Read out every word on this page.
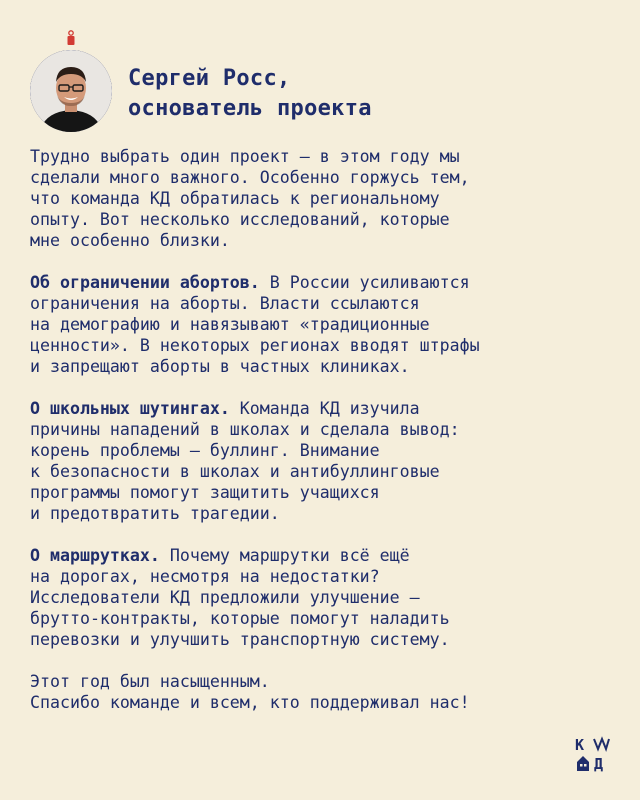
Сергей Росс,
основатель проекта

Трудно выбрать один проект — в этом году мы
сделали много важного. Особенно горжусь тем,
что команда КД обратилась к региональному
опыту. Вот несколько исследований, которые
мне особенно близки.

Об ограничении абортов. В России усиливаются
ограничения на аборты. Власти ссылаются
на демографию и навязывают «традиционные
ценности». В некоторых регионах вводят штрафы
и запрещают аборты в частных клиниках.

О школьных шутингах. Команда КД изучила
причины нападений в школах и сделала вывод:
корень проблемы — буллинг. Внимание
к безопасности в школах и антибуллинговые
программы помогут защитить учащихся
и предотвратить трагедии.

О маршрутках. Почему маршрутки всё ещё
на дорогах, несмотря на недостатки?
Исследователи КД предложили улучшение —
брутто-контракты, которые помогут наладить
перевозки и улучшить транспортную систему.

Этот год был насыщенным.
Спасибо команде и всем, кто поддерживал нас!

К
Д
